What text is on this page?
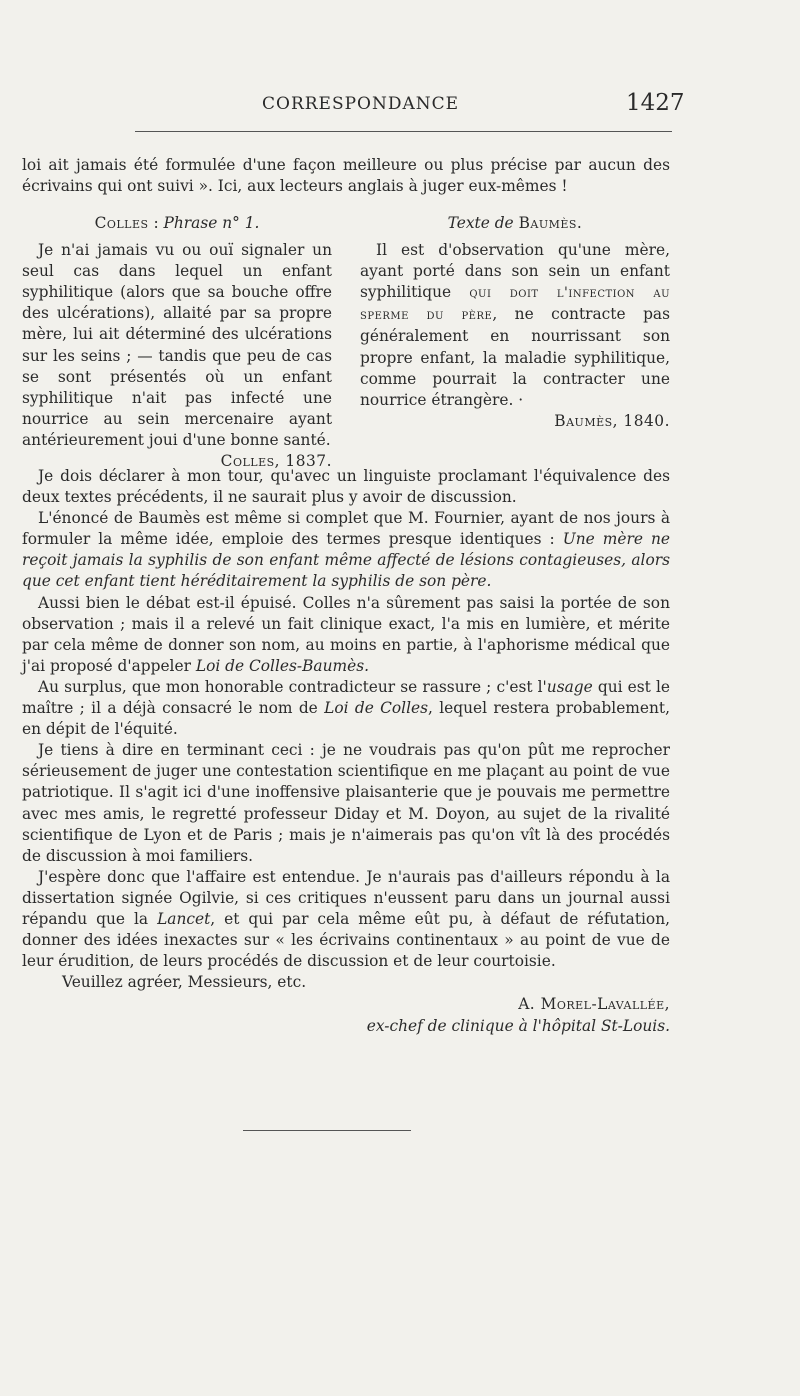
CORRESPONDANCE	1427

loi ait jamais été formulée d'une façon meilleure ou plus précise par aucun des écrivains qui ont suivi ». Ici, aux lecteurs anglais à juger eux-mêmes !

Colles : Phrase n° 1.

Je n'ai jamais vu ou ouï signaler un seul cas dans lequel un enfant syphilitique (alors que sa bouche offre des ulcérations), allaité par sa propre mère, lui ait déterminé des ulcérations sur les seins ; — tandis que peu de cas se sont présentés où un enfant syphilitique n'ait pas infecté une nourrice au sein mercenaire ayant antérieurement joui d'une bonne santé.
Colles, 1837.

Texte de Baumès.

Il est d'observation qu'une mère, ayant porté dans son sein un enfant syphilitique qui doit l'infection au sperme du père, ne contracte pas généralement en nourrissant son propre enfant, la maladie syphilitique, comme pourrait la contracter une nourrice étrangère. ·

Baumès, 1840.

Je dois déclarer à mon tour, qu'avec un linguiste proclamant l'équivalence des deux textes précédents, il ne saurait plus y avoir de discussion.

L'énoncé de Baumès est même si complet que M. Fournier, ayant de nos jours à formuler la même idée, emploie des termes presque identiques : Une mère ne reçoit jamais la syphilis de son enfant même affecté de lésions contagieuses, alors que cet enfant tient héréditairement la syphilis de son père.

Aussi bien le débat est-il épuisé. Colles n'a sûrement pas saisi la portée de son observation ; mais il a relevé un fait clinique exact, l'a mis en lumière, et mérite par cela même de donner son nom, au moins en partie, à l'aphorisme médical que j'ai proposé d'appeler Loi de Colles-Baumès.

Au surplus, que mon honorable contradicteur se rassure ; c'est l'usage qui est le maître ; il a déjà consacré le nom de Loi de Colles, lequel restera probablement, en dépit de l'équité.

Je tiens à dire en terminant ceci : je ne voudrais pas qu'on pût me reprocher sérieusement de juger une contestation scientifique en me plaçant au point de vue patriotique. Il s'agit ici d'une inoffensive plaisanterie que je pouvais me permettre avec mes amis, le regretté professeur Diday et M. Doyon, au sujet de la rivalité scientifique de Lyon et de Paris ; mais je n'aimerais pas qu'on vît là des procédés de discussion à moi familiers.

J'espère donc que l'affaire est entendue. Je n'aurais pas d'ailleurs répondu à la dissertation signée Ogilvie, si ces critiques n'eussent paru dans un journal aussi répandu que la Lancet, et qui par cela même eût pu, à défaut de réfutation, donner des idées inexactes sur « les écrivains continentaux » au point de vue de leur érudition, de leurs procédés de discussion et de leur courtoisie.

Veuillez agréer, Messieurs, etc.

A. Morel-Lavallée,
ex-chef de clinique à l'hôpital St-Louis.
